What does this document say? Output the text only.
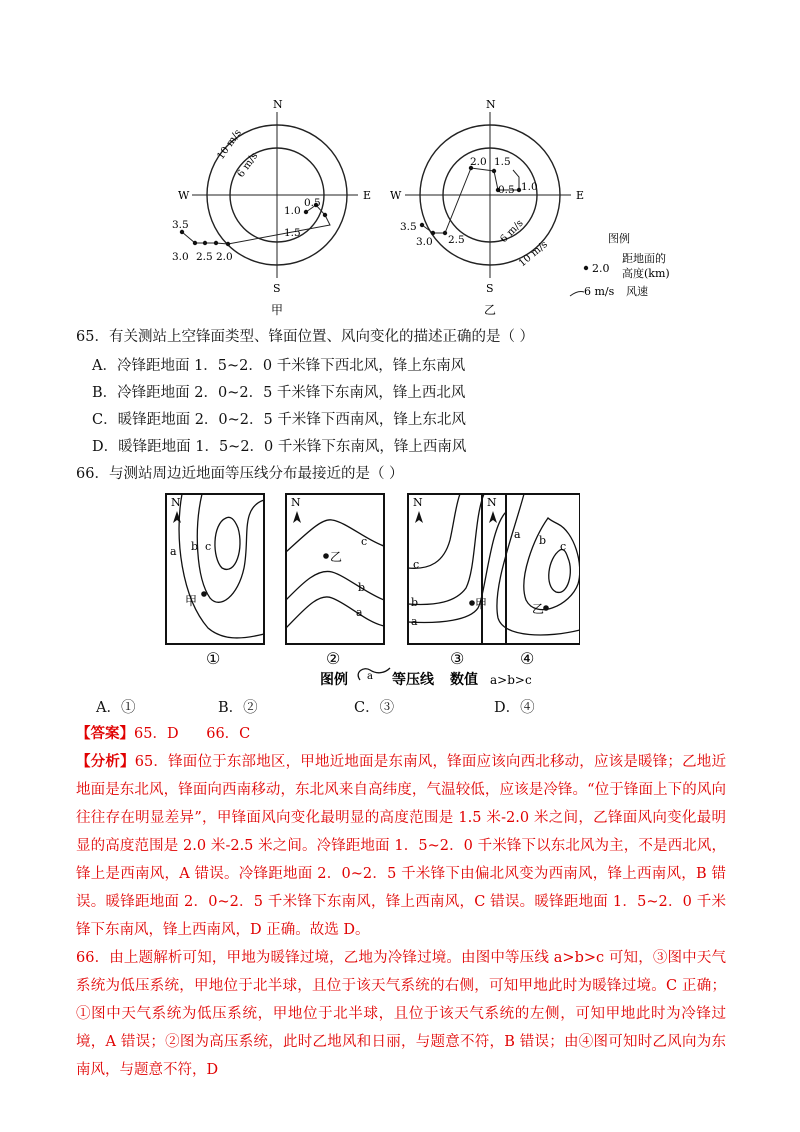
N
S
E
W
10 m/s
6 m/s
3.5
3.0 2.5 2.0
1.5
1.0
0.5
甲
N
S
E
W
10 m/s
6 m/s
3.5
3.0 2.5
2.0 1.5
1.0
0.5
乙
图例
2.0
距地面的
高度(km)
6 m/s 风速
65．有关测站上空锋面类型、锋面位置、风向变化的描述正确的是（ ）
A．冷锋距地面 1．5~2．0 千米锋下西北风，锋上东南风
B．冷锋距地面 2．0~2．5 千米锋下东南风，锋上西北风
C．暖锋距地面 2．0~2．5 千米锋下西南风，锋上东北风
D．暖锋距地面 1．5~2．0 千米锋下东南风，锋上西南风
66．与测站周边近地面等压线分布最接近的是（ ）
N
a b c
甲
①
N
c
b
a
乙
②
N
c
b
a
甲
③
N
a b c
乙
④
图例 a 等压线 数值 a>b>c
A．①	B．②	C．③	D．④

【答案】65．D      66．C

【分析】65．锋面位于东部地区，甲地近地面是东南风，锋面应该向西北移动，应该是暖锋；乙地近地面是东北风，锋面向西南移动，东北风来自高纬度，气温较低，应该是冷锋。“位于锋面上下的风向往往存在明显差异”，甲锋面风向变化最明显的高度范围是 1.5 米-2.0 米之间，乙锋面风向变化最明显的高度范围是 2.0 米-2.5 米之间。冷锋距地面 1．5~2．0 千米锋下以东北风为主，不是西北风，锋上是西南风，A 错误。冷锋距地面 2．0~2．5 千米锋下由偏北风变为西南风，锋上西南风，B 错误。暖锋距地面 2．0~2．5 千米锋下东南风，锋上西南风，C 错误。暖锋距地面 1．5~2．0 千米锋下东南风，锋上西南风，D 正确。故选 D。

66．由上题解析可知，甲地为暖锋过境，乙地为冷锋过境。由图中等压线 a>b>c 可知，③图中天气系统为低压系统，甲地位于北半球，且位于该天气系统的右侧，可知甲地此时为暖锋过境。C 正确；①图中天气系统为低压系统，甲地位于北半球，且位于该天气系统的左侧，可知甲地此时为冷锋过境，A 错误；②图为高压系统，此时乙地风和日丽，与题意不符，B 错误；由④图可知时乙风向为东南风，与题意不符，D
